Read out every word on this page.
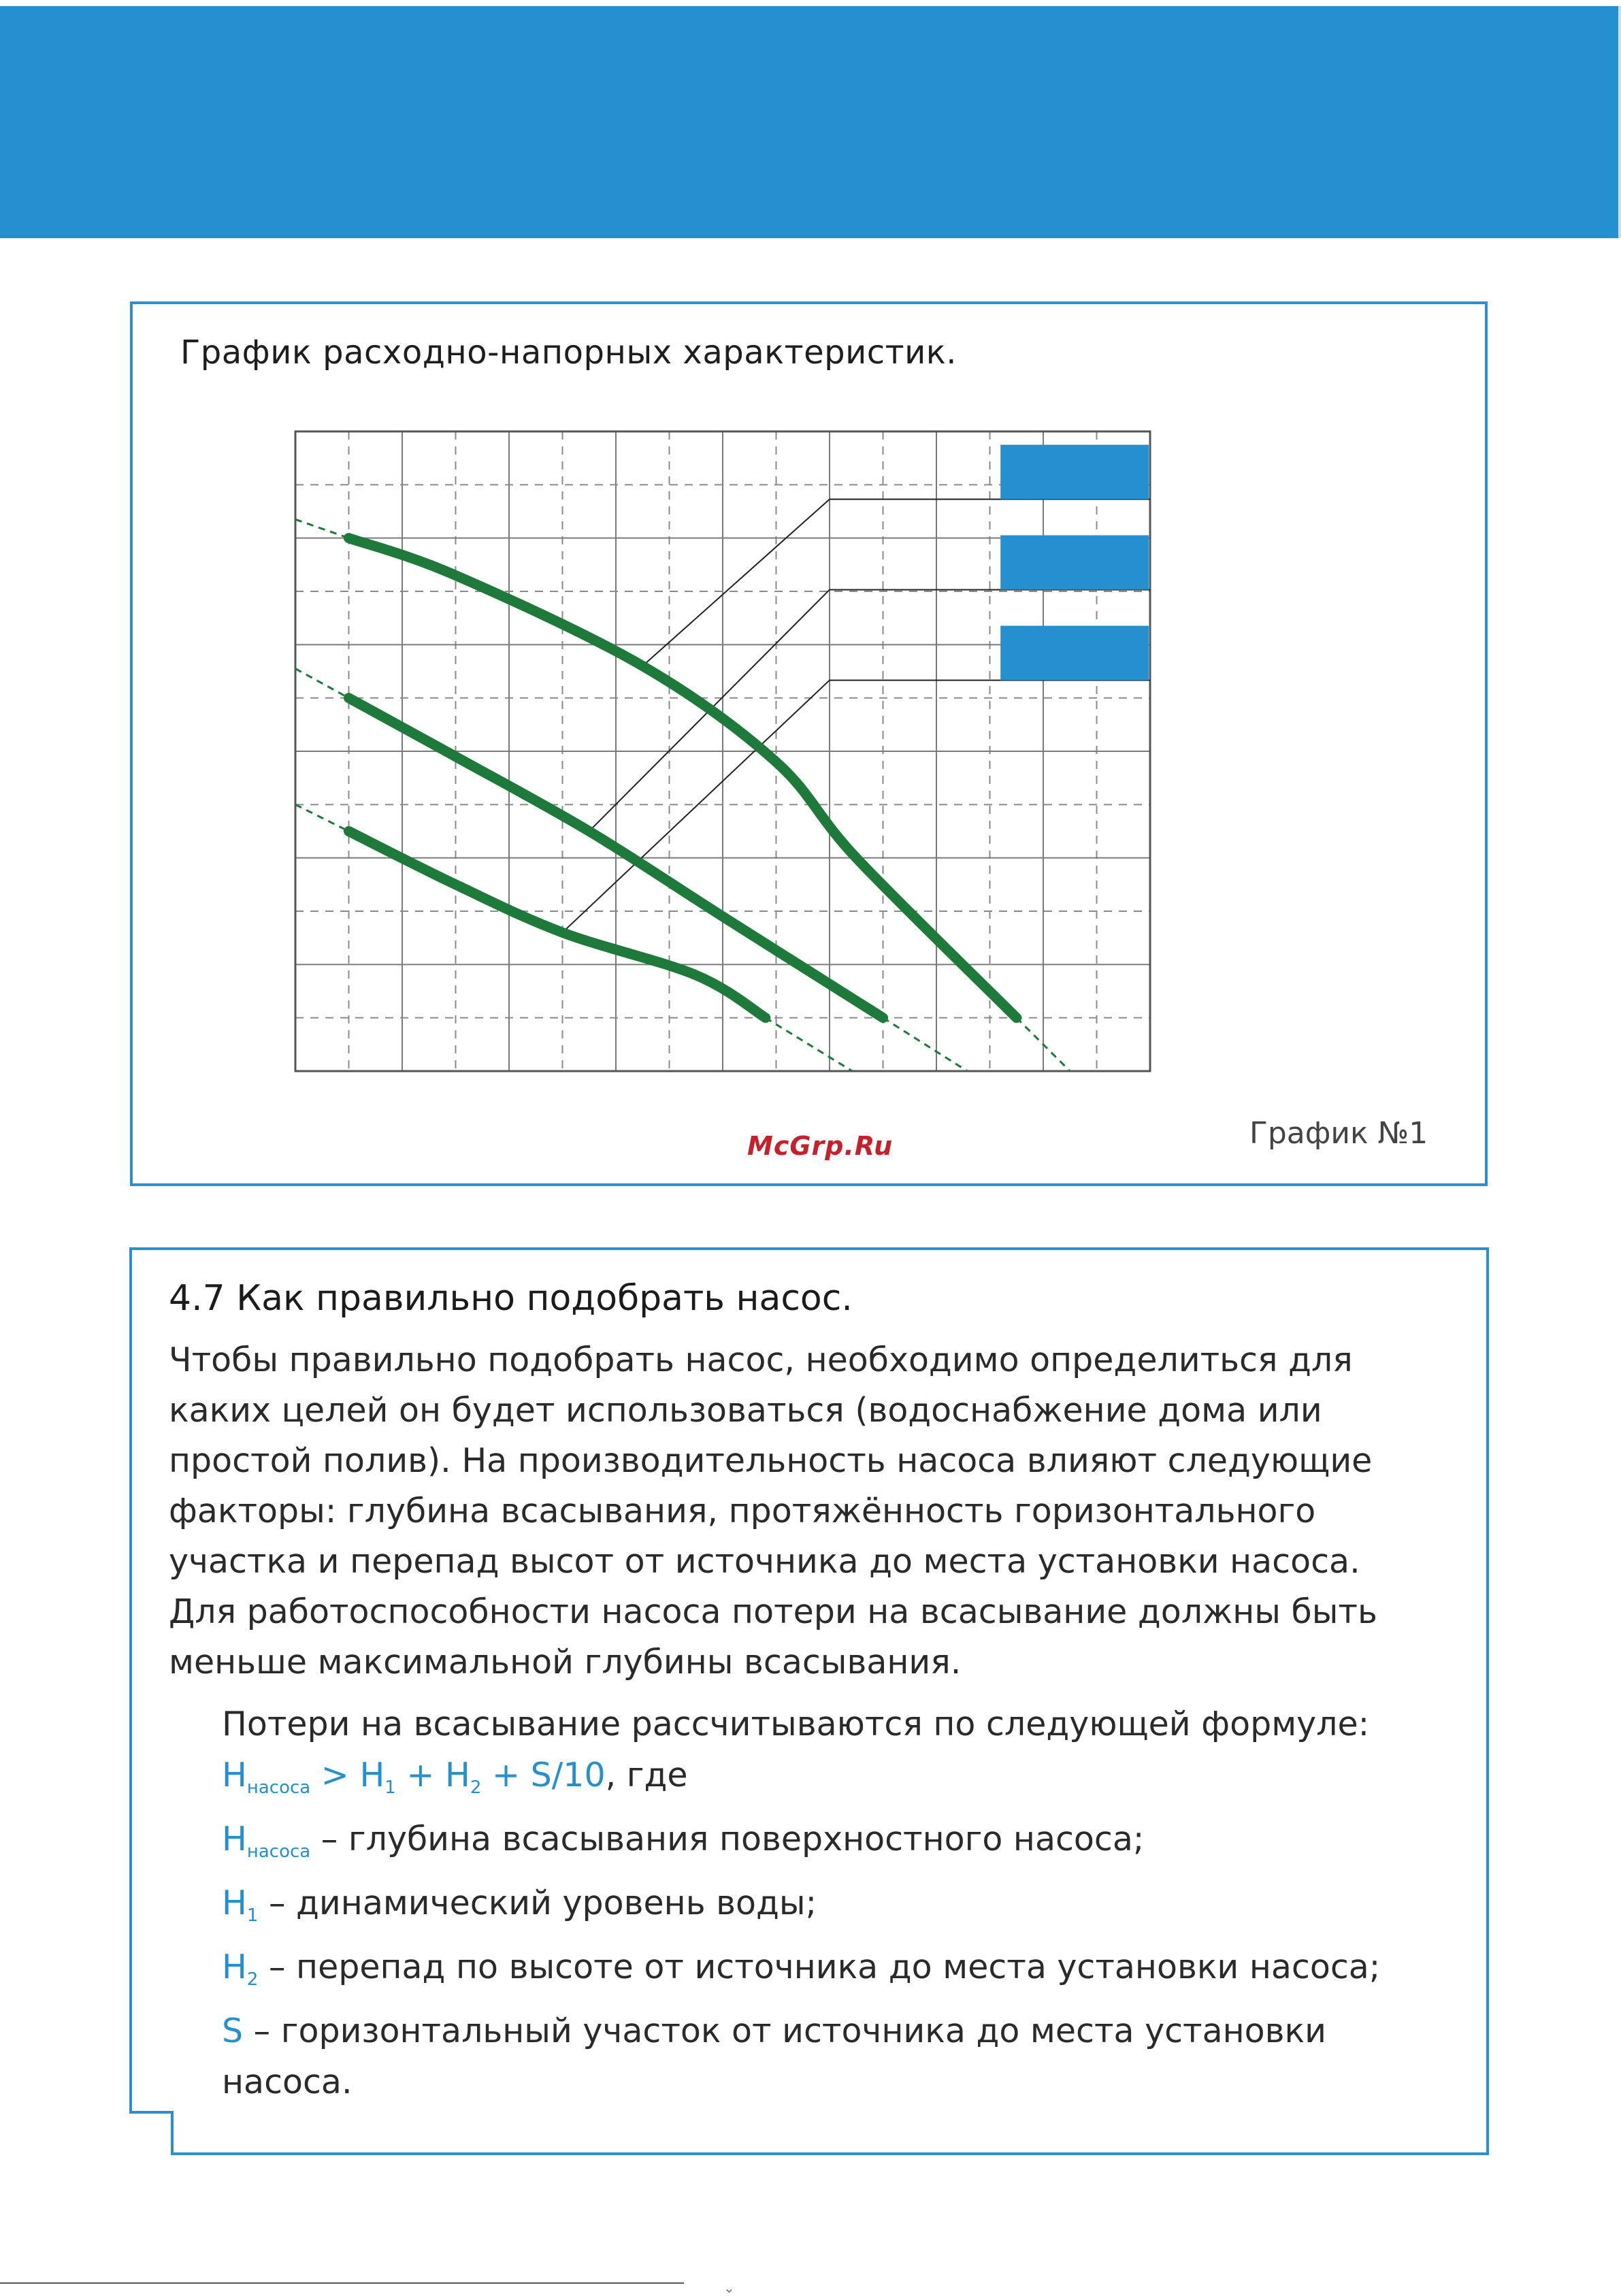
График расходно-напорных характеристик.
McGrp.Ru	График №1
4.7 Как правильно подобрать насос.
Чтобы правильно подобрать насос, необходимо определиться для
каких целей он будет использоваться (водоснабжение дома или
простой полив). На производительность насоса влияют следующие
факторы: глубина всасывания, протяжённость горизонтального
участка и перепад высот от источника до места установки насоса.
Для работоспособности насоса потери на всасывание должны быть
меньше максимальной глубины всасывания.
Потери на всасывание рассчитываются по следующей формуле:
$H_{насоса} > H_1 + H_2 + S/10$, где
$H_{насоса}$ – глубина всасывания поверхностного насоса;
$H_1$ – динамический уровень воды;
$H_2$ – перепад по высоте от источника до места установки насоса;
S – горизонтальный участок от источника до места установки
насоса.
⌄
